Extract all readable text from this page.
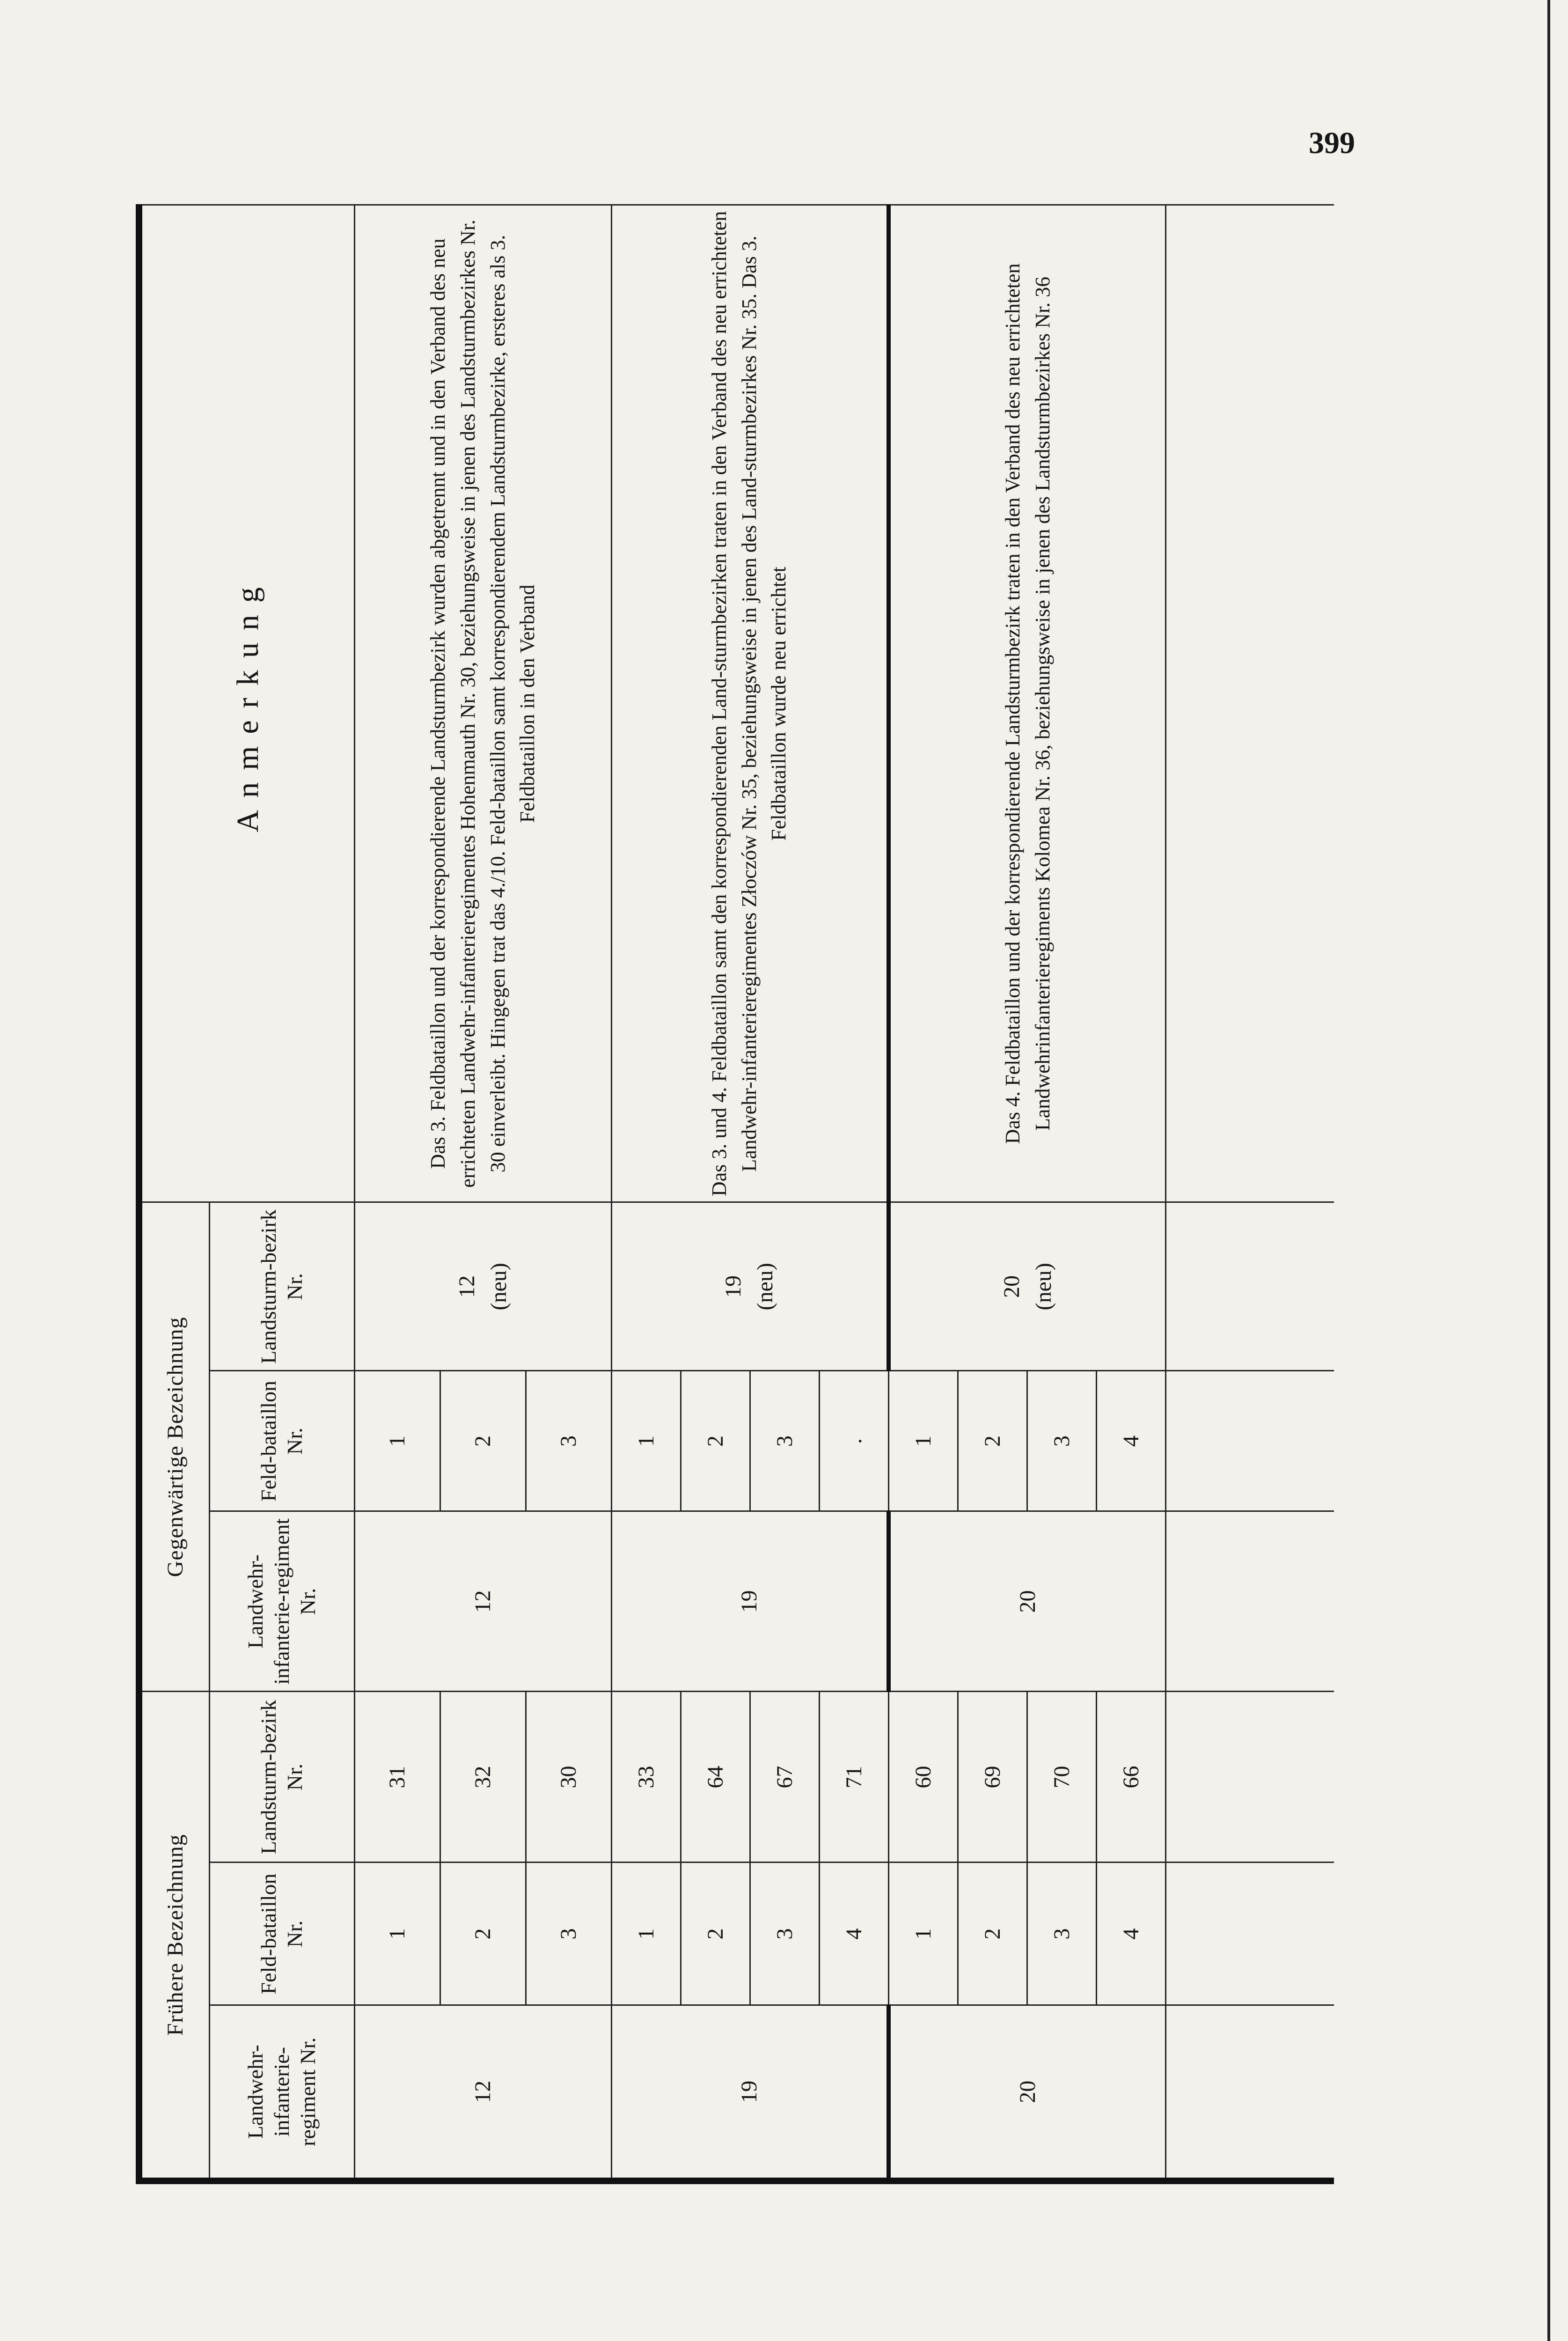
399
Frühere Bezeichnung			Gegenwärtige Bezeichnung			Anmerkung
Landwehr-infanterie-regiment Nr.	Feld-bataillon Nr.	Landsturm-bezirk Nr.	Landwehr-infanterie-regiment Nr.	Feld-bataillon Nr.	Landsturm-bezirk Nr.	
12	1	31	12	1	12 (neu)	Das 3. Feldbataillon und der korrespondierende Landsturmbezirk wurden abgetrennt und in den Verband des neu errichteten Landwehr-infanterieregimentes Hohenmauth Nr. 30, beziehungsweise in jenen des Landsturmbezirkes Nr. 30 einverleibt. Hingegen trat das 4./10. Feld-bataillon samt korrespondierendem Landsturmbezirke, ersteres als 3. Feldbataillon in den Verband
	2	32		2		
	3	30		3		
19	1	33	19	1	19 (neu)	Das 3. und 4. Feldbataillon samt den korrespondierenden Land-sturmbezirken traten in den Verband des neu errichteten Landwehr-infanterieregimentes Złoczów Nr. 35, beziehungsweise in jenen des Land-sturmbezirkes Nr. 35. Das 3. Feldbataillon wurde neu errichtet
	2	64		2		
	3	67		3		
	4	71		.		
20	1	60	20	1	20 (neu)	Das 4. Feldbataillon und der korrespondierende Landsturmbezirk traten in den Verband des neu errichteten Landwehrinfanterieregiments Kolomea Nr. 36, beziehungsweise in jenen des Landsturmbezirkes Nr. 36
	2	69		2		
	3	70		3		
	4	66		4		
